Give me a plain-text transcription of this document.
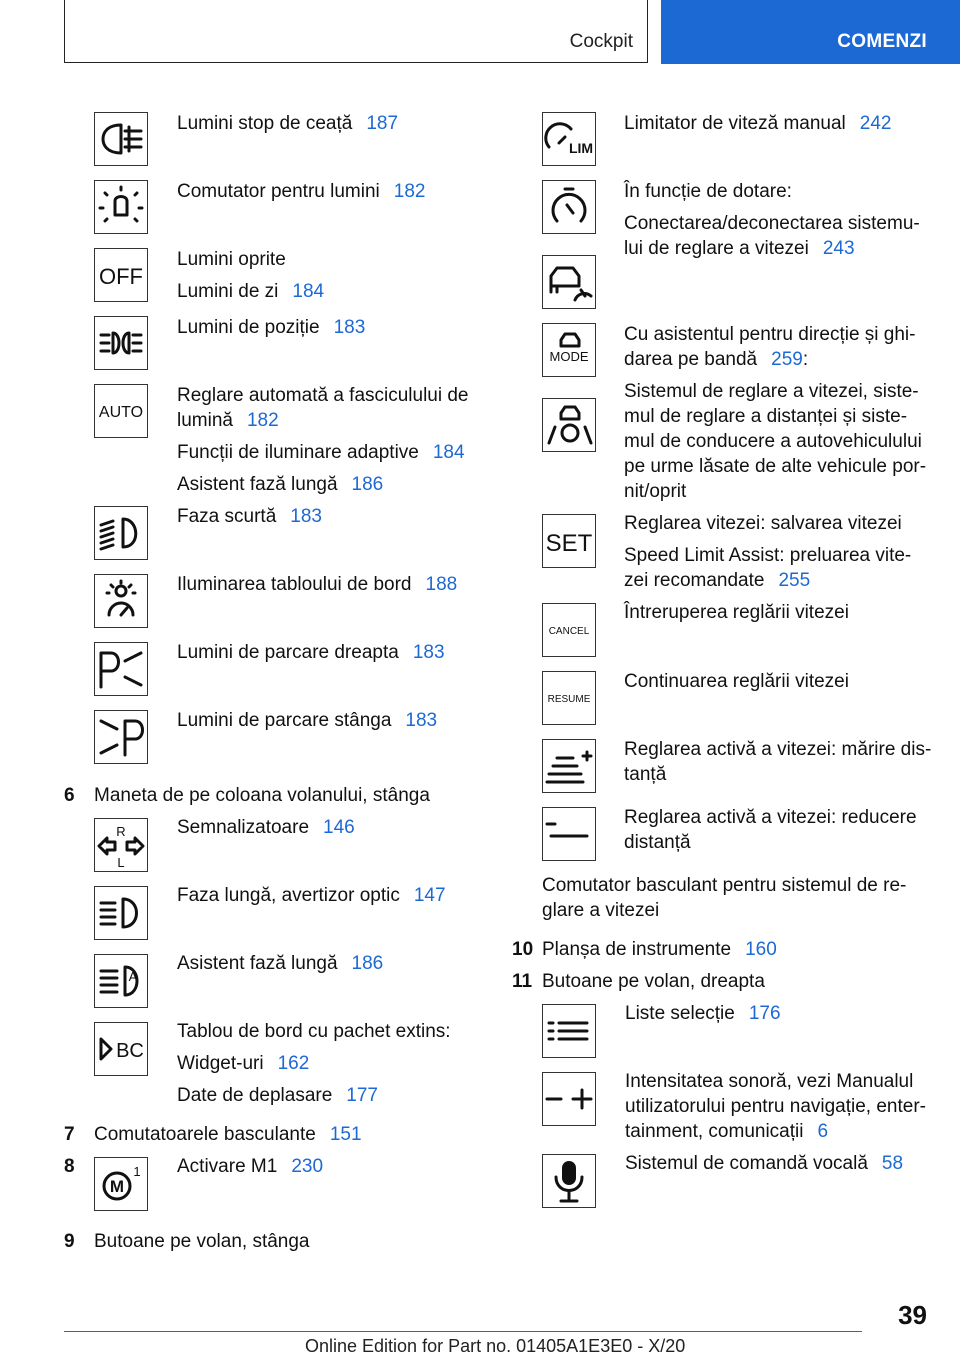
Cockpit	COMENZI
OFF
AUTO
R
L
A
BC
M
1
LIM
MODE
SET
CANCEL
RESUME
Lumini stop de ceață 187
Comutator pentru lumini 182
Lumini oprite
Lumini de zi 184
Lumini de poziție 183
Reglare automată a fasciculului de
lumină 182
Funcții de iluminare adaptive 184
Asistent fază lungă 186
Faza scurtă 183
Iluminarea tabloului de bord 188
Lumini de parcare dreapta 183
Lumini de parcare stânga 183
6 Maneta de pe coloana volanului, stânga
Semnalizatoare 146
Faza lungă, avertizor optic 147
Asistent fază lungă 186
Tablou de bord cu pachet extins:
Widget-uri 162
Date de deplasare 177
7 Comutatoarele basculante 151
8	Activare M1 230
9 Butoane pe volan, stânga
Limitator de viteză manual 242
În funcție de dotare:
Conectarea/deconectarea sistemu-
lui de reglare a vitezei 243
Cu asistentul pentru direcție și ghi-
darea pe bandă 259:
Sistemul de reglare a vitezei, siste-
mul de reglare a distanței și siste-
mul de conducere a autovehiculului
pe urme lăsate de alte vehicule por-
nit/oprit
Reglarea vitezei: salvarea vitezei
Speed Limit Assist: preluarea vite-
zei recomandate 255
Întreruperea reglării vitezei
Continuarea reglării vitezei
Reglarea activă a vitezei: mărire dis-
tanță
Reglarea activă a vitezei: reducere
distanță
Comutator basculant pentru sistemul de re-
glare a vitezei
10 Planșa de instrumente 160
11 Butoane pe volan, dreapta
Liste selecție 176
Intensitatea sonoră, vezi Manualul
utilizatorului pentru navigație, enter-
tainment, comunicații 6
Sistemul de comandă vocală 58
39
Online Edition for Part no. 01405A1E3E0 - X/20
